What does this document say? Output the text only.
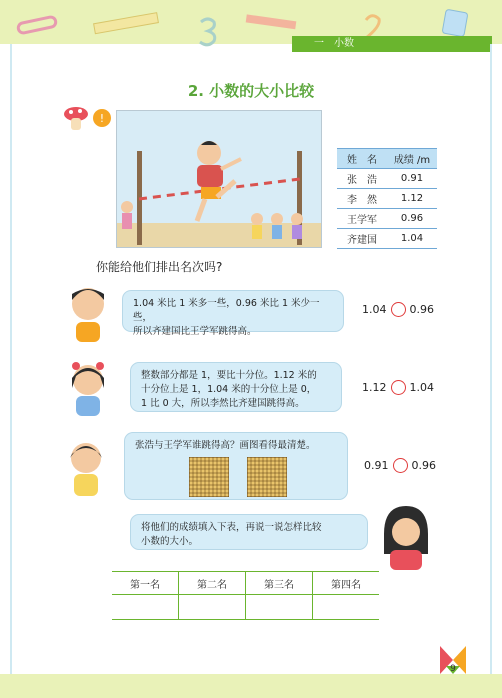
一　小数
2. 小数的大小比较
!
姓　名	成绩 /m
张　浩	0.91
李　然	1.12
王学军	0.96
齐建国	1.04
你能给他们排出名次吗?
1.04 米比 1 米多一些，0.96 米比 1 米少一些，
所以齐建国比王学军跳得高。
1.04 0.96
整数部分都是 1，要比十分位。1.12 米的
十分位上是 1，1.04 米的十分位上是 0，
1 比 0 大，所以李然比齐建国跳得高。
1.12 1.04
张浩与王学军谁跳得高？画图看得最清楚。
0.91 0.96
将他们的成绩填入下表，再说一说怎样比较
小数的大小。
第一名	第二名	第三名	第四名

9
